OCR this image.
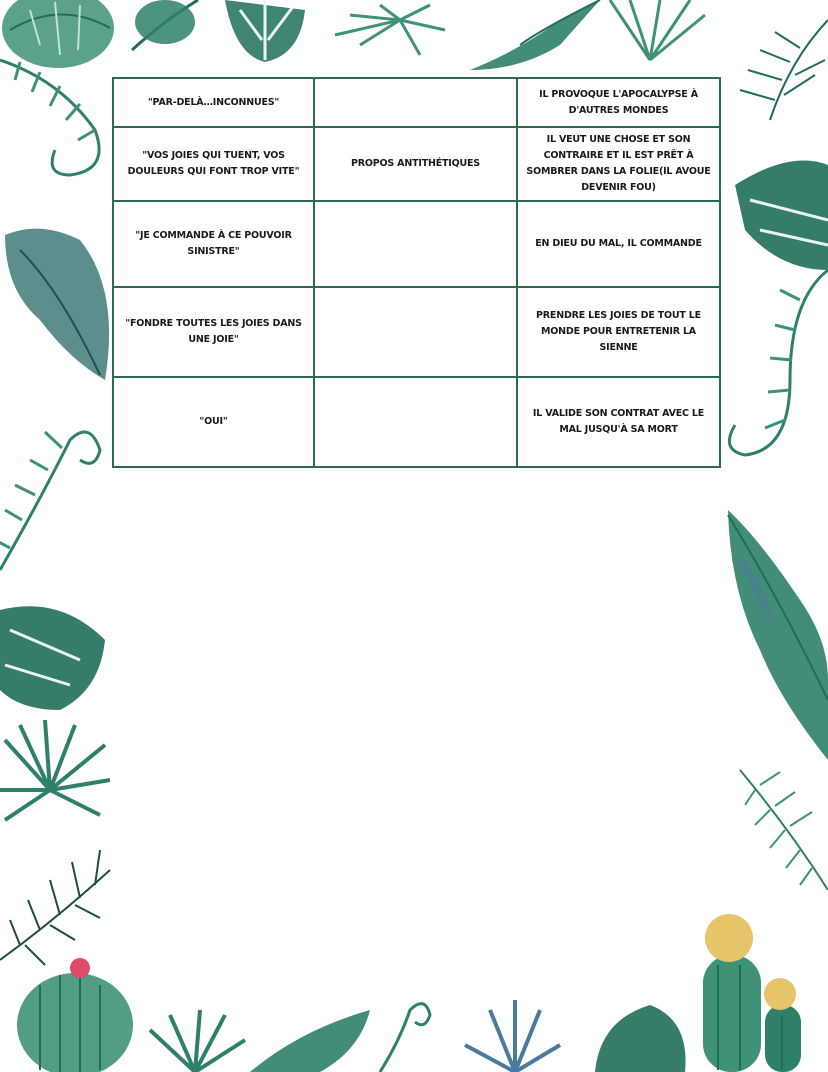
"PAR-DELÀ…INCONNUES"		IL PROVOQUE L'APOCALYPSE À D'AUTRES MONDES
"VOS JOIES QUI TUENT, VOS DOULEURS QUI FONT TROP VITE"	PROPOS ANTITHÉTIQUES	IL VEUT UNE CHOSE ET SON CONTRAIRE ET IL EST PRÊT À SOMBRER DANS LA FOLIE(IL AVOUE DEVENIR FOU)
"JE COMMANDE À CE POUVOIR SINISTRE"		EN DIEU DU MAL, IL COMMANDE
"FONDRE TOUTES LES JOIES DANS UNE JOIE"		PRENDRE LES JOIES DE TOUT LE MONDE POUR ENTRETENIR LA SIENNE
"OUI"		IL VALIDE SON CONTRAT AVEC LE MAL JUSQU'À SA MORT
